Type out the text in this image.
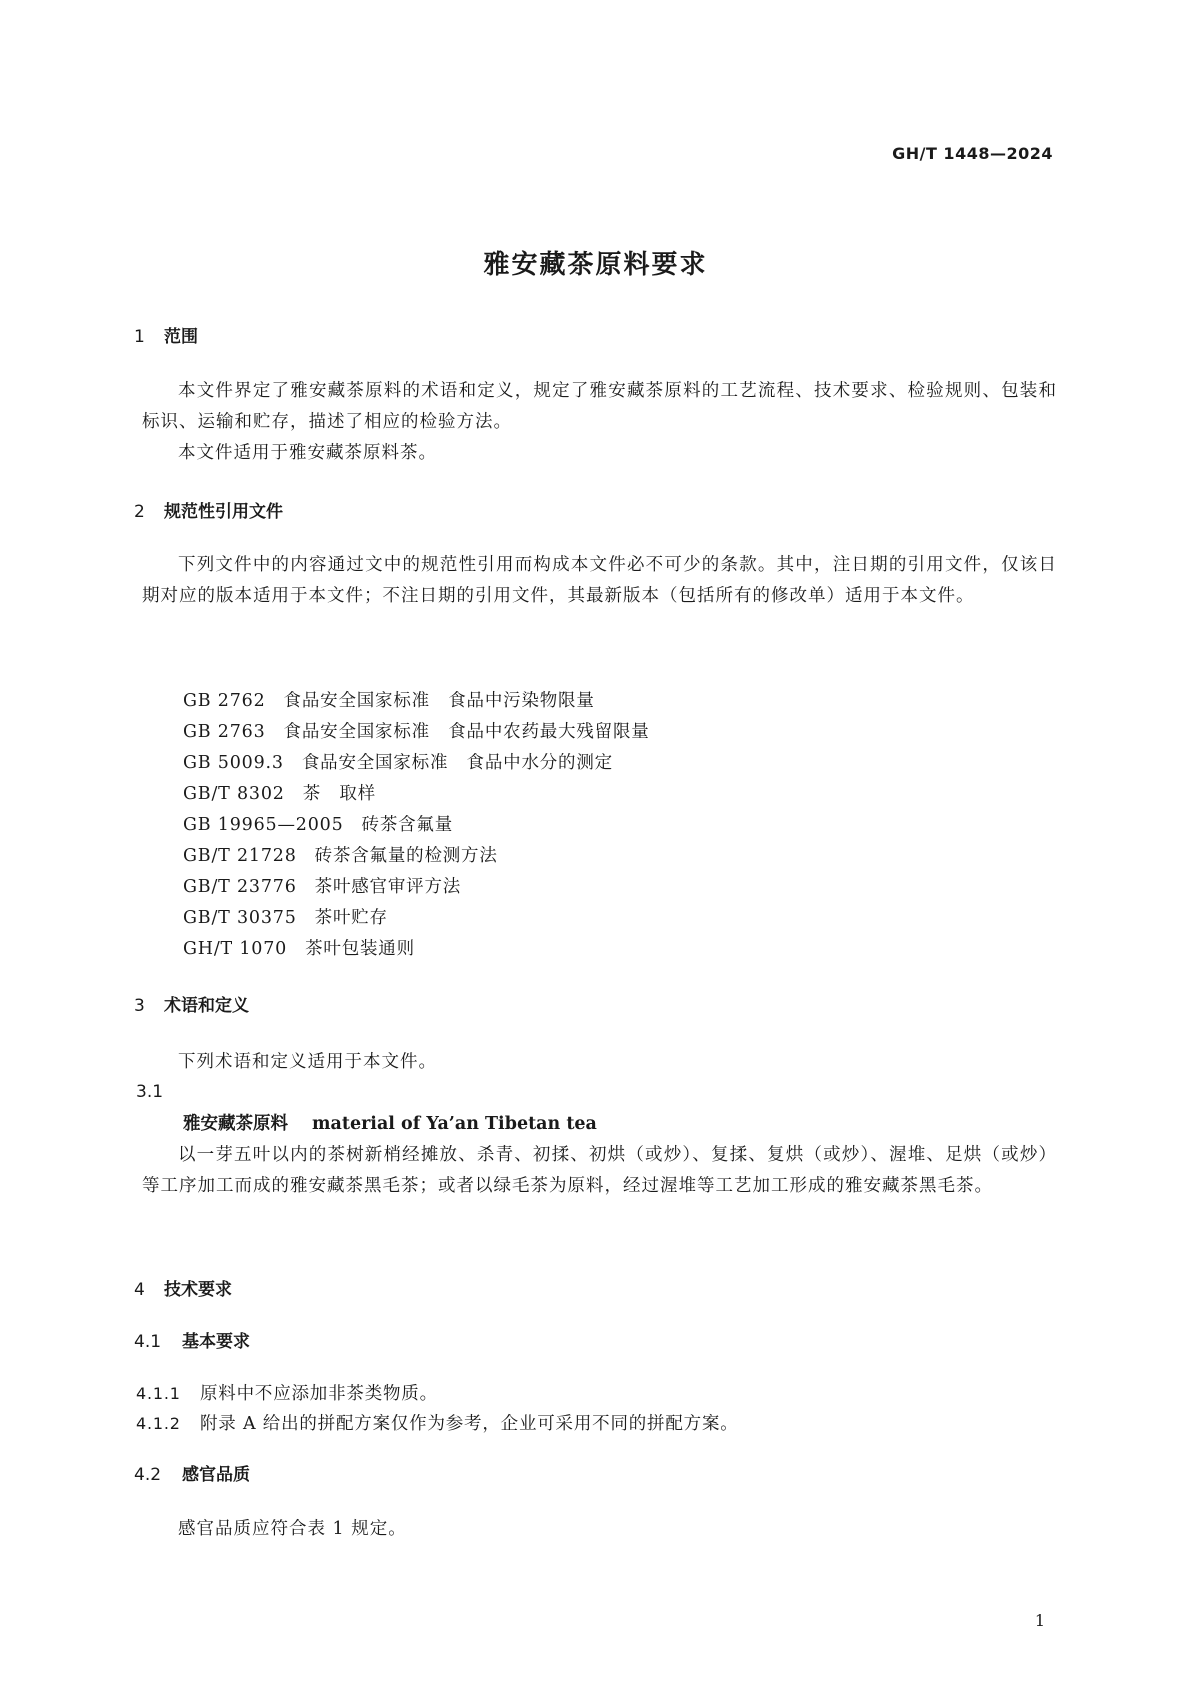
GH/T 1448—2024
雅安藏茶原料要求
1 范围
本文件界定了雅安藏茶原料的术语和定义，规定了雅安藏茶原料的工艺流程、技术要求、检验规则、包装和标识、运输和贮存，描述了相应的检验方法。
本文件适用于雅安藏茶原料茶。
2 规范性引用文件
下列文件中的内容通过文中的规范性引用而构成本文件必不可少的条款。其中，注日期的引用文件，仅该日期对应的版本适用于本文件；不注日期的引用文件，其最新版本（包括所有的修改单）适用于本文件。
GB 2762 食品安全国家标准　食品中污染物限量
GB 2763 食品安全国家标准　食品中农药最大残留限量
GB 5009.3 食品安全国家标准　食品中水分的测定
GB/T 8302 茶　取样
GB 19965—2005 砖茶含氟量
GB/T 21728 砖茶含氟量的检测方法
GB/T 23776 茶叶感官审评方法
GB/T 30375 茶叶贮存
GH/T 1070 茶叶包装通则
3 术语和定义
下列术语和定义适用于本文件。
3.1
雅安藏茶原料 material of Ya’an Tibetan tea
以一芽五叶以内的茶树新梢经摊放、杀青、初揉、初烘（或炒）、复揉、复烘（或炒）、渥堆、足烘（或炒）等工序加工而成的雅安藏茶黑毛茶；或者以绿毛茶为原料，经过渥堆等工艺加工形成的雅安藏茶黑毛茶。
4 技术要求
4.1 基本要求
4.1.1 原料中不应添加非茶类物质。
4.1.2 附录 A 给出的拼配方案仅作为参考，企业可采用不同的拼配方案。
4.2 感官品质
感官品质应符合表 1 规定。
1
